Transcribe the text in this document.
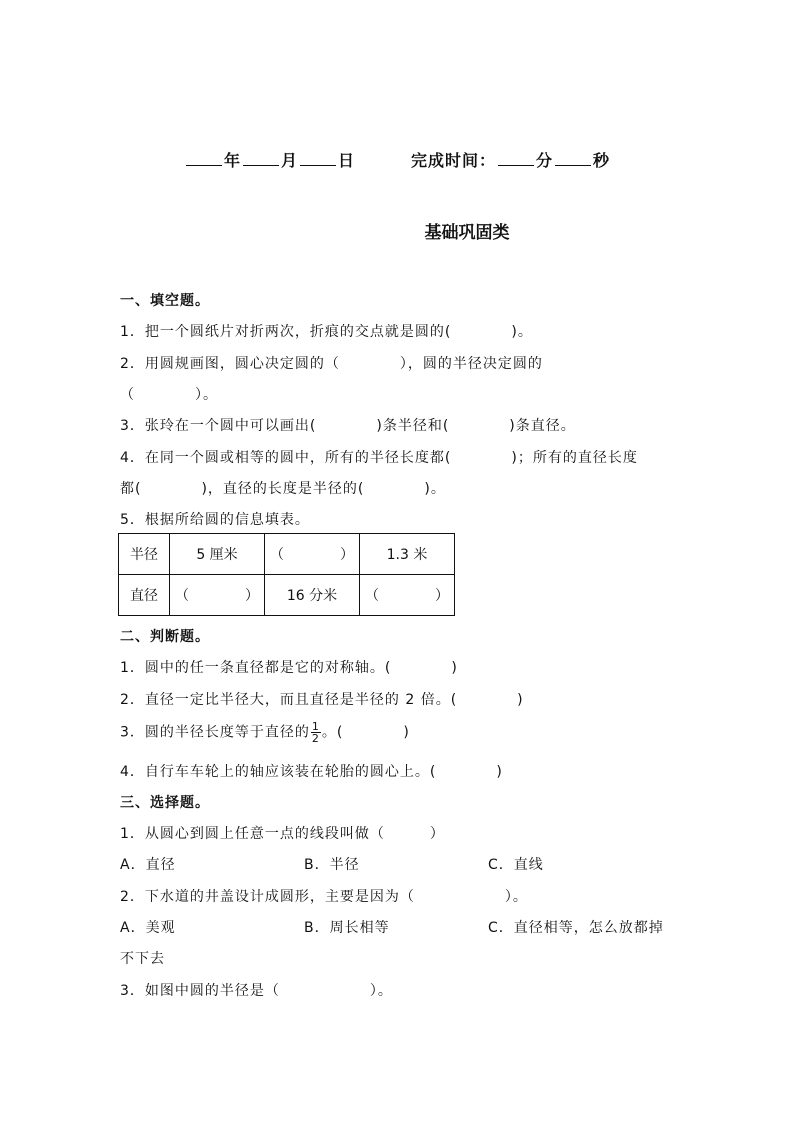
年	月	日	完成时间：	分	秒
基础巩固类
一、填空题。
1．把一个圆纸片对折两次，折痕的交点就是圆的(　　　　)。
2．用圆规画图，圆心决定圆的（　　　　），圆的半径决定圆的
（　　　　）。
3．张玲在一个圆中可以画出(　　　　)条半径和(　　　　)条直径。
4．在同一个圆或相等的圆中，所有的半径长度都(　　　　)；所有的直径长度
都(　　　　)，直径的长度是半径的(　　　　)。
5．根据所给圆的信息填表。
半径	5 厘米	（　　　　）	1.3 米
直径	（　　　　）	16 分米	（　　　　）
二、判断题。
1．圆中的任一条直径都是它的对称轴。(　　　　)
2．直径一定比半径大，而且直径是半径的 2 倍。(　　　　)
3．圆的半径长度等于直径的 $\frac{1}{2}$ 。(　　　　)
4．自行车车轮上的轴应该装在轮胎的圆心上。(　　　　)
三、选择题。
1．从圆心到圆上任意一点的线段叫做（　　　）
A．直径	B．半径	C．直线
2．下水道的井盖设计成圆形，主要是因为（　　　　　　）。
A．美观	B．周长相等	C．直径相等，怎么放都掉
不下去
3．如图中圆的半径是（　　　　　　）。
